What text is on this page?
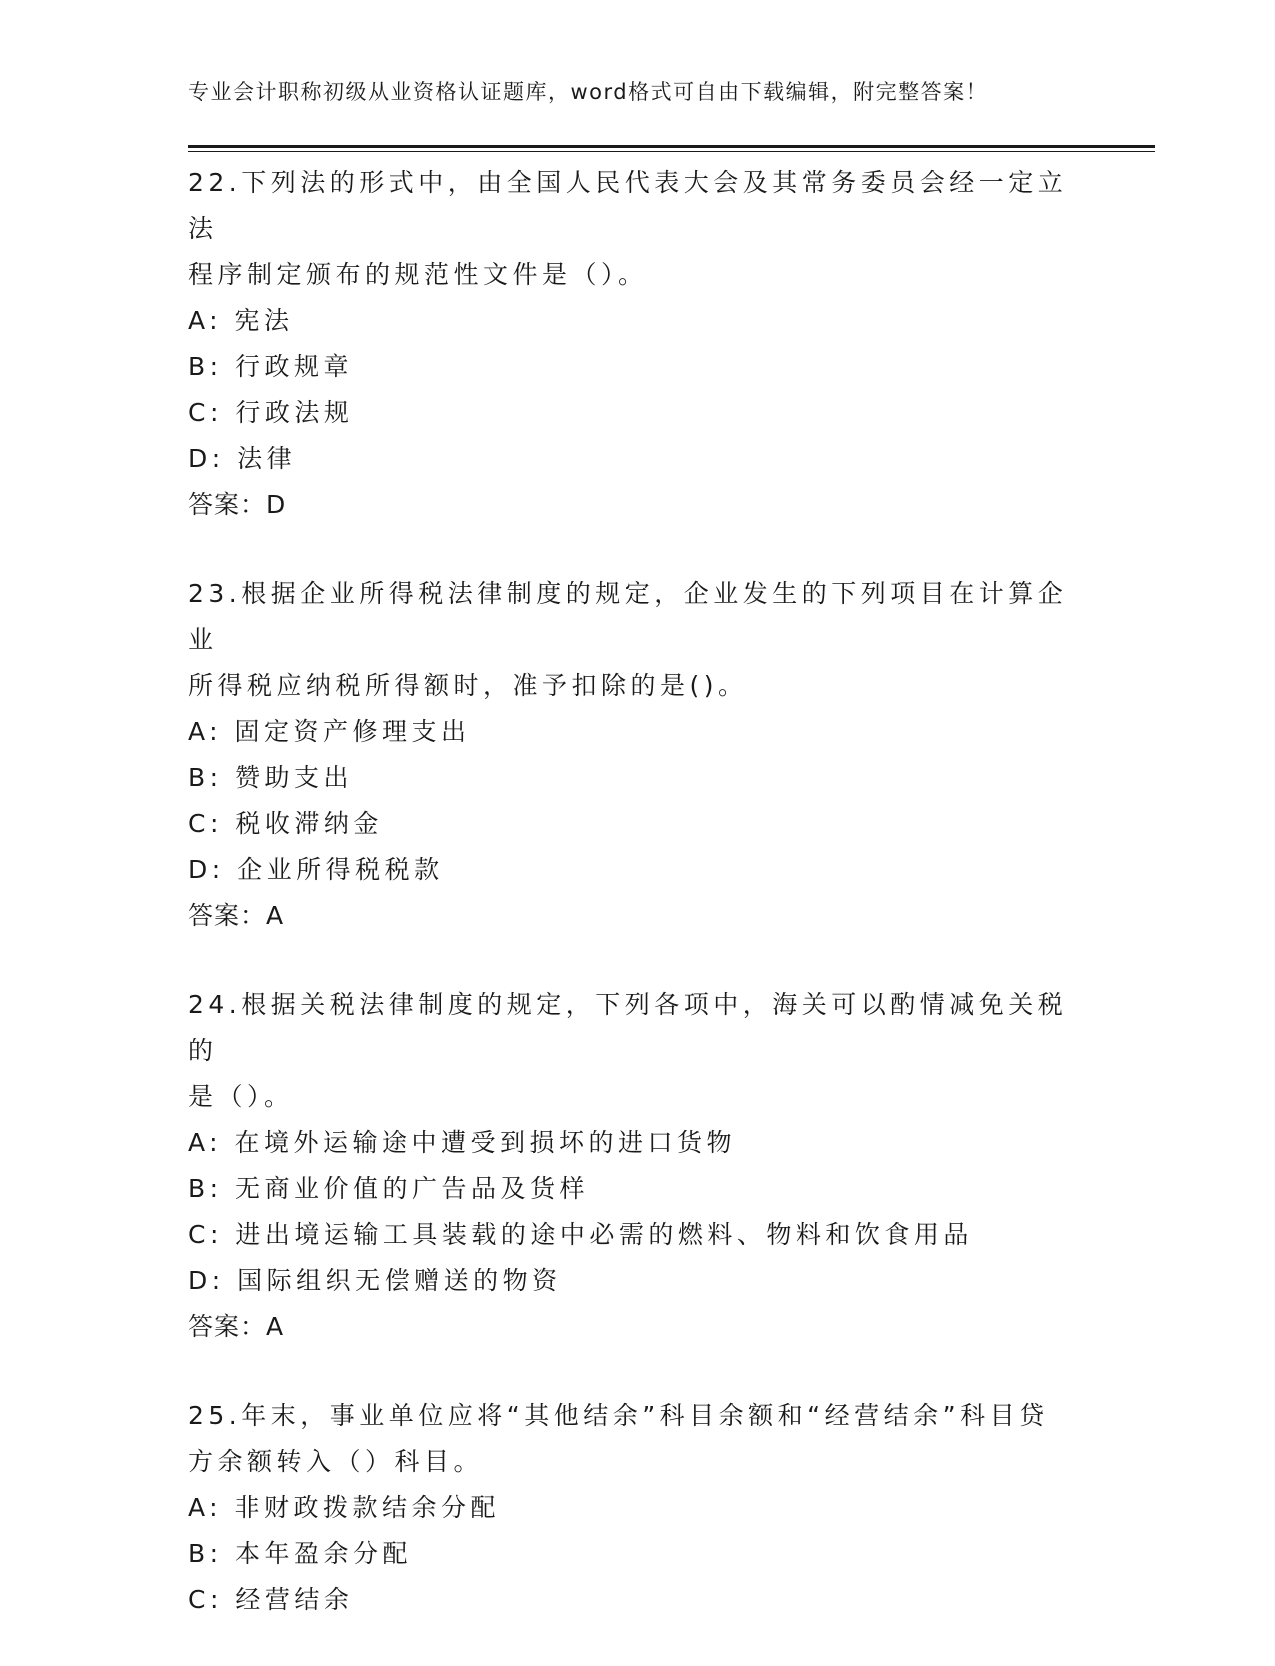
专业会计职称初级从业资格认证题库，word格式可自由下载编辑，附完整答案！

22.下列法的形式中，由全国人民代表大会及其常务委员会经一定立法
程序制定颁布的规范性文件是（）。

A: 宪法

B: 行政规章

C: 行政法规

D: 法律

答案：D

23.根据企业所得税法律制度的规定，企业发生的下列项目在计算企业
所得税应纳税所得额时，准予扣除的是()。

A: 固定资产修理支出

B: 赞助支出

C: 税收滞纳金

D: 企业所得税税款

答案：A

24.根据关税法律制度的规定，下列各项中，海关可以酌情减免关税的
是（）。

A: 在境外运输途中遭受到损坏的进口货物

B: 无商业价值的广告品及货样

C: 进出境运输工具装载的途中必需的燃料、物料和饮食用品

D: 国际组织无偿赠送的物资

答案：A

25.年末，事业单位应将“其他结余”科目余额和“经营结余”科目贷
方余额转入（）科目。

A: 非财政拨款结余分配

B: 本年盈余分配

C: 经营结余
